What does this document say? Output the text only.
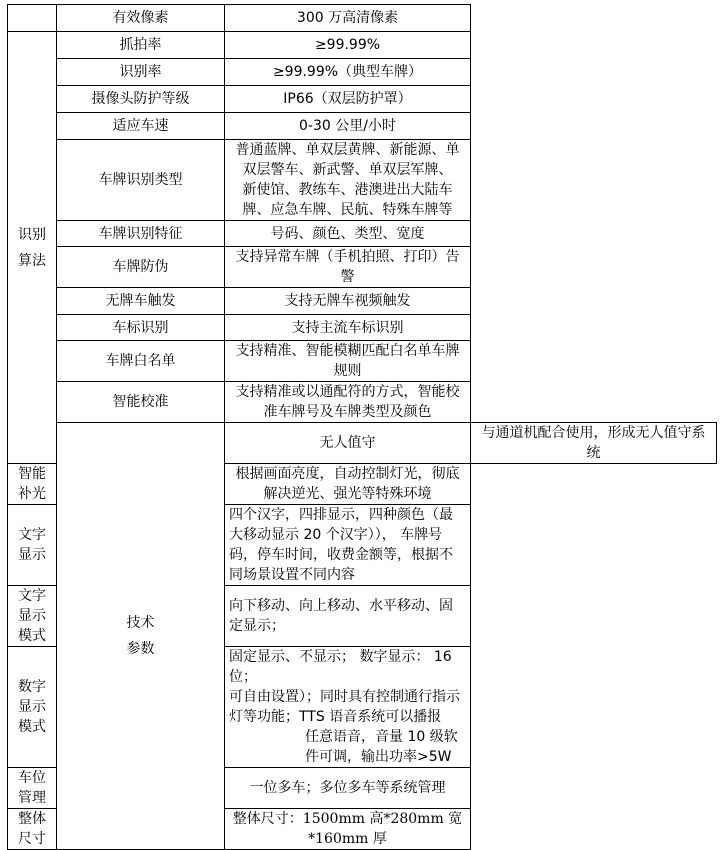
	有效像素	300 万高清像素	

识别
算法	抓拍率	≥99.99%	
	识别率	≥99.99%（典型车牌）	
	摄像头防护等级	IP66（双层防护罩）	
	适应车速	0-30 公里/小时	
	车牌识别类型	普通蓝牌、单双层黄牌、新能源、单双层警车、新武警、单双层军牌、
新使馆、教练车、港澳进出大陆车牌、应急车牌、民航、特殊车牌等	

	车牌识别特征	号码、颜色、类型、宽度	
	车牌防伪	支持异常车牌（手机拍照、打印）告警	
	无牌车触发	支持无牌车视频触发	
	车标识别	支持主流车标识别	
	车牌白名单	支持精准、智能模糊匹配白名单车牌规则	
	智能校准	支持精准或以通配符的方式，智能校准车牌号及车牌类型及颜色	

	技术
参数	无人值守	与通道机配合使用，形成无人值守系统
智能补光		根据画面亮度，自动控制灯光，彻底解决逆光、强光等特殊环境	
文字显示		四个汉字，四排显示，四种颜色（最大移动显示 20 个汉字））， 车牌号
码，停车时间，收费金额等，根据不同场景设置不同内容	

文字显示模式		向下移动、向上移动、水平移动、固定显示；	
数字显示模式		固定显示、不显示； 数字显示： 16 位；
可自由设置）；同时具有控制通行指示灯等功能；TTS 语音系统可以播报
任意语音，音量 10 级软件可调，输出功率>5W	

车位管理		一位多车；多位多车等系统管理	
整体尺寸		整体尺寸：1500mm 高*280mm 宽*160mm 厚	
